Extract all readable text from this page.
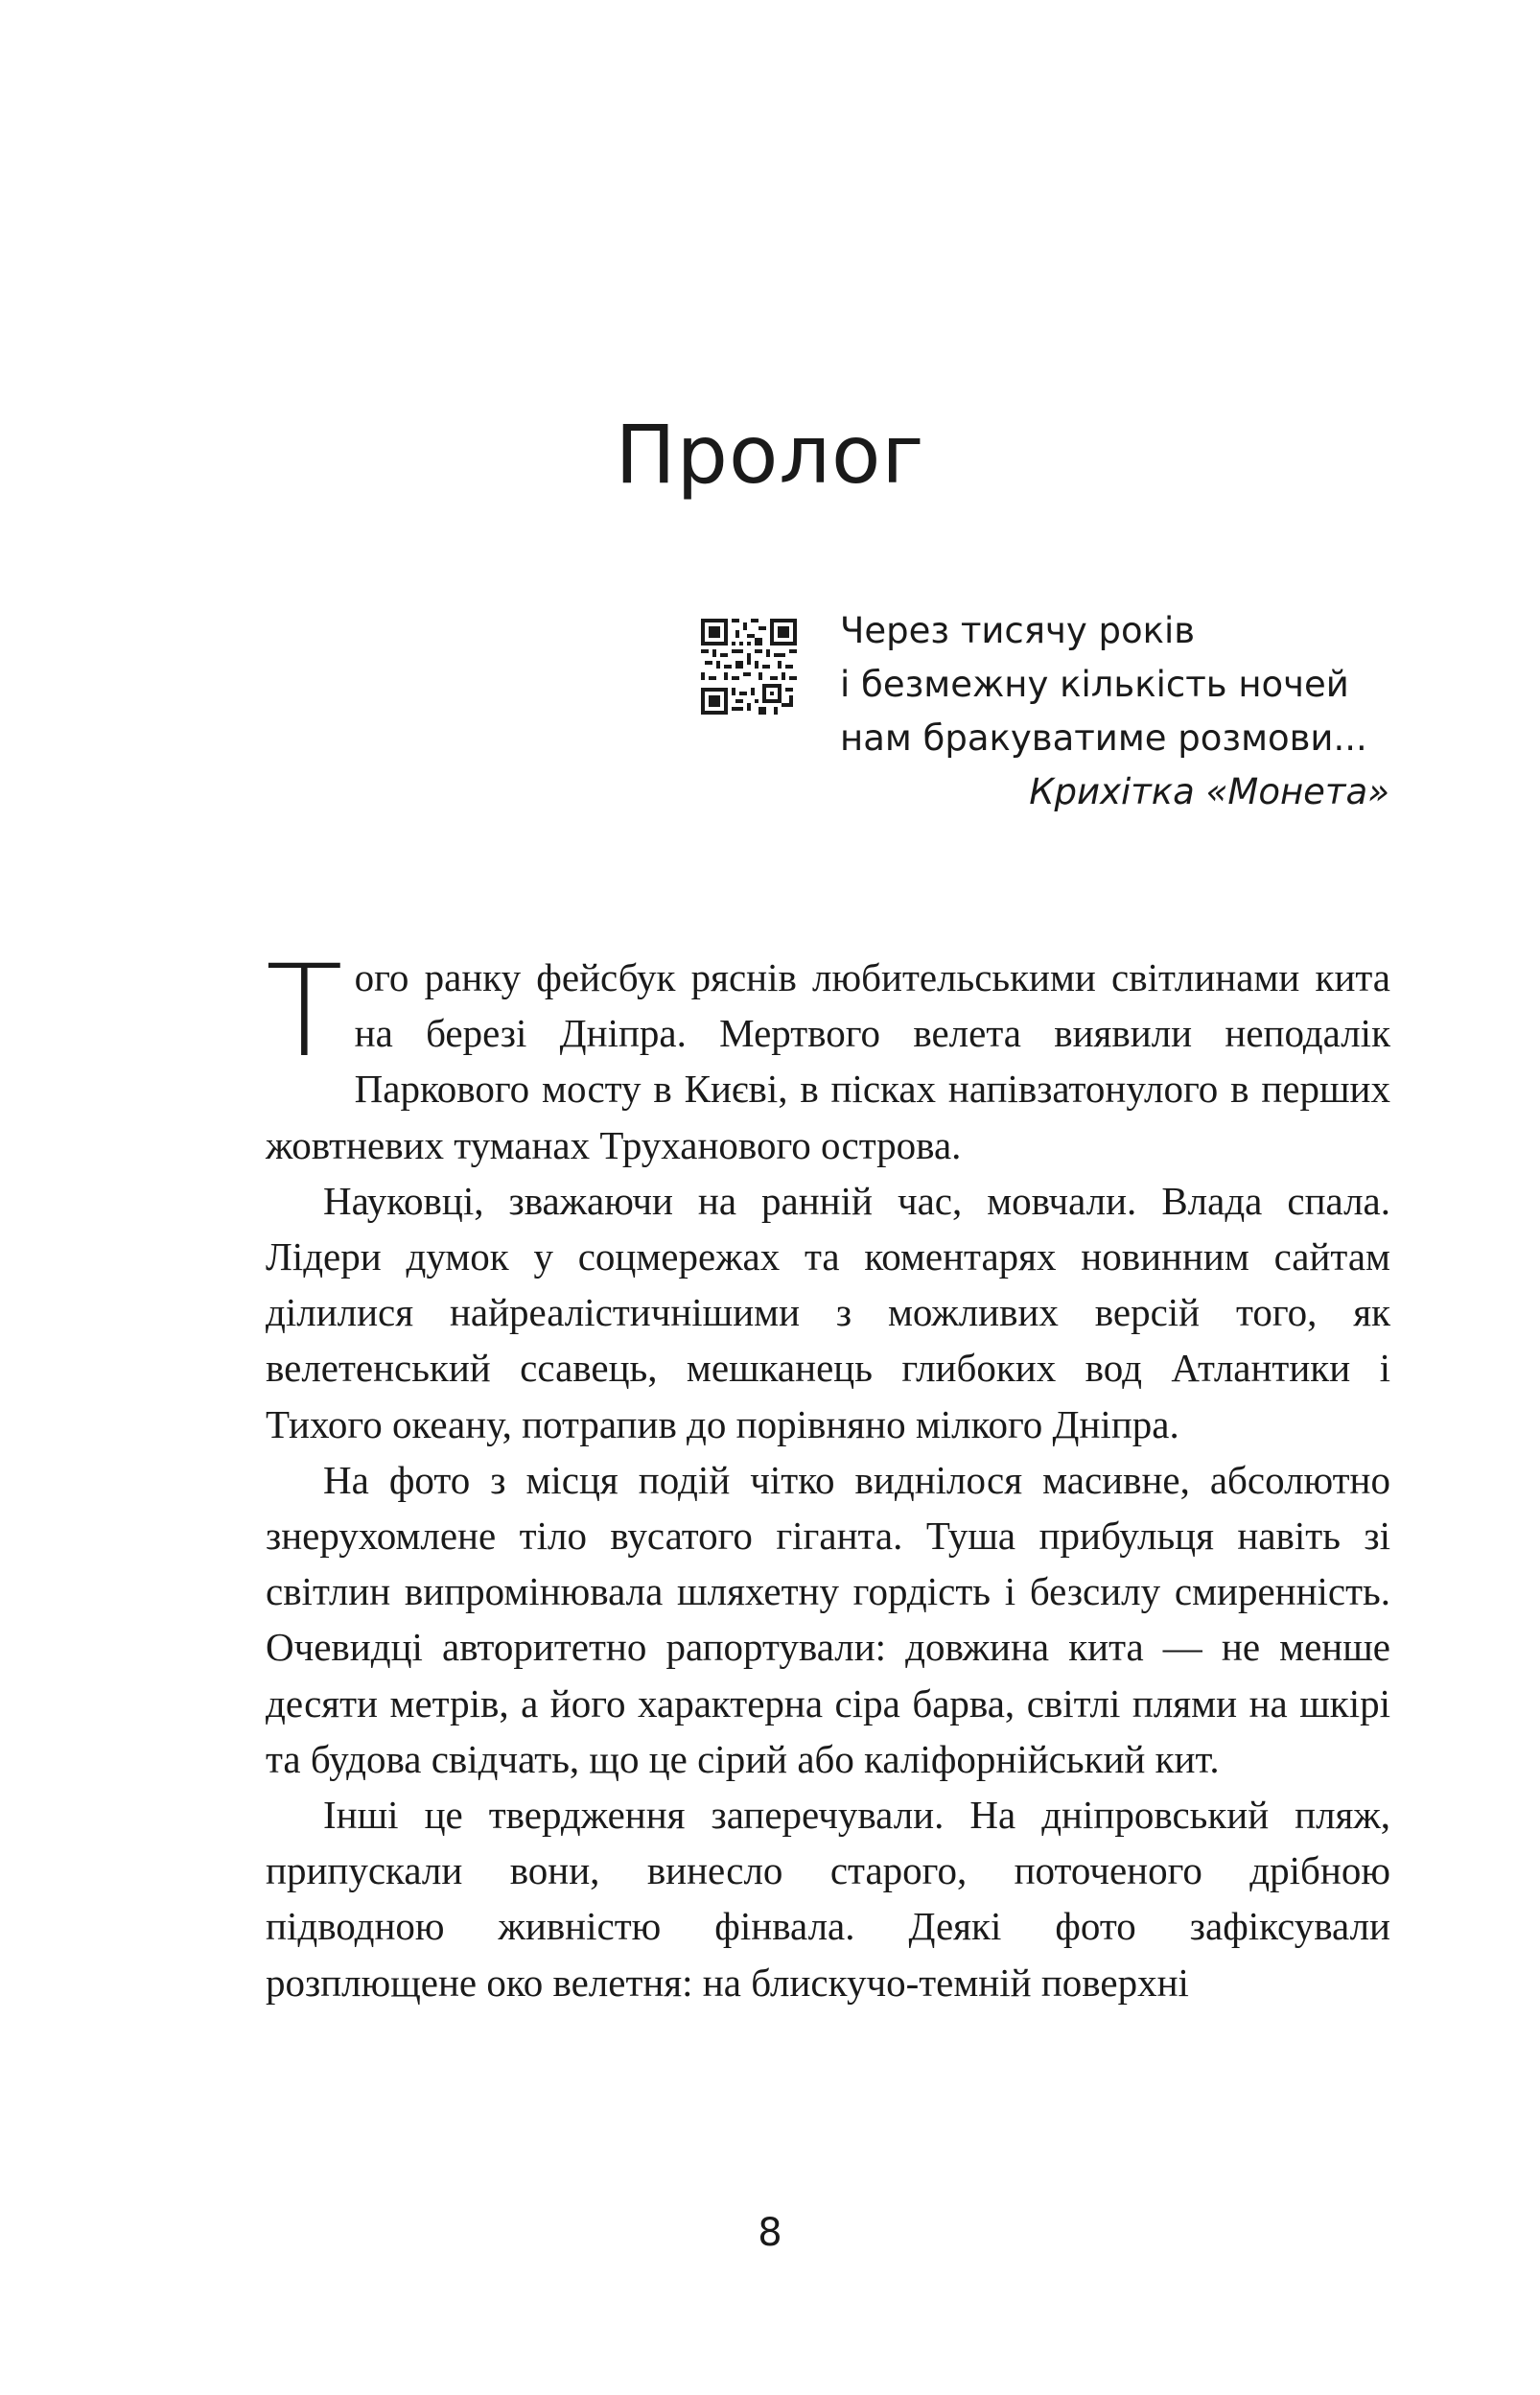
Пролог
Через тисячу років
і безмежну кількість ночей
нам бракуватиме розмови...
Крихітка «Монета»

Того ранку фейсбук ряснів любительськими світлинами кита на березі Дніпра. Мертвого велета виявили неподалік Паркового мосту в Києві, в пісках напівзатонулого в перших жовтневих туманах Труханового острова.

Науковці, зважаючи на ранній час, мовчали. Влада спала. Лідери думок у соцмережах та коментарях новинним сайтам ділилися найреалістичнішими з можливих версій того, як велетенський ссавець, мешканець глибоких вод Атлантики і Тихого океану, потрапив до порівняно мілкого Дніпра.

На фото з місця подій чітко виднілося масивне, абсолютно знерухомлене тіло вусатого гіганта. Туша прибульця навіть зі світлин випромінювала шляхетну гордість і безсилу смиренність. Очевидці авторитетно рапортували: довжина кита — не менше десяти метрів, а його характерна сіра барва, світлі плями на шкірі та будова свідчать, що це сірий або каліфорнійський кит.

Інші це твердження заперечували. На дніпровський пляж, припускали вони, винесло старого, поточеного дрібною підводною живністю фінвала. Деякі фото зафіксували розплющене око велетня: на блискучо-темній поверхні

8
